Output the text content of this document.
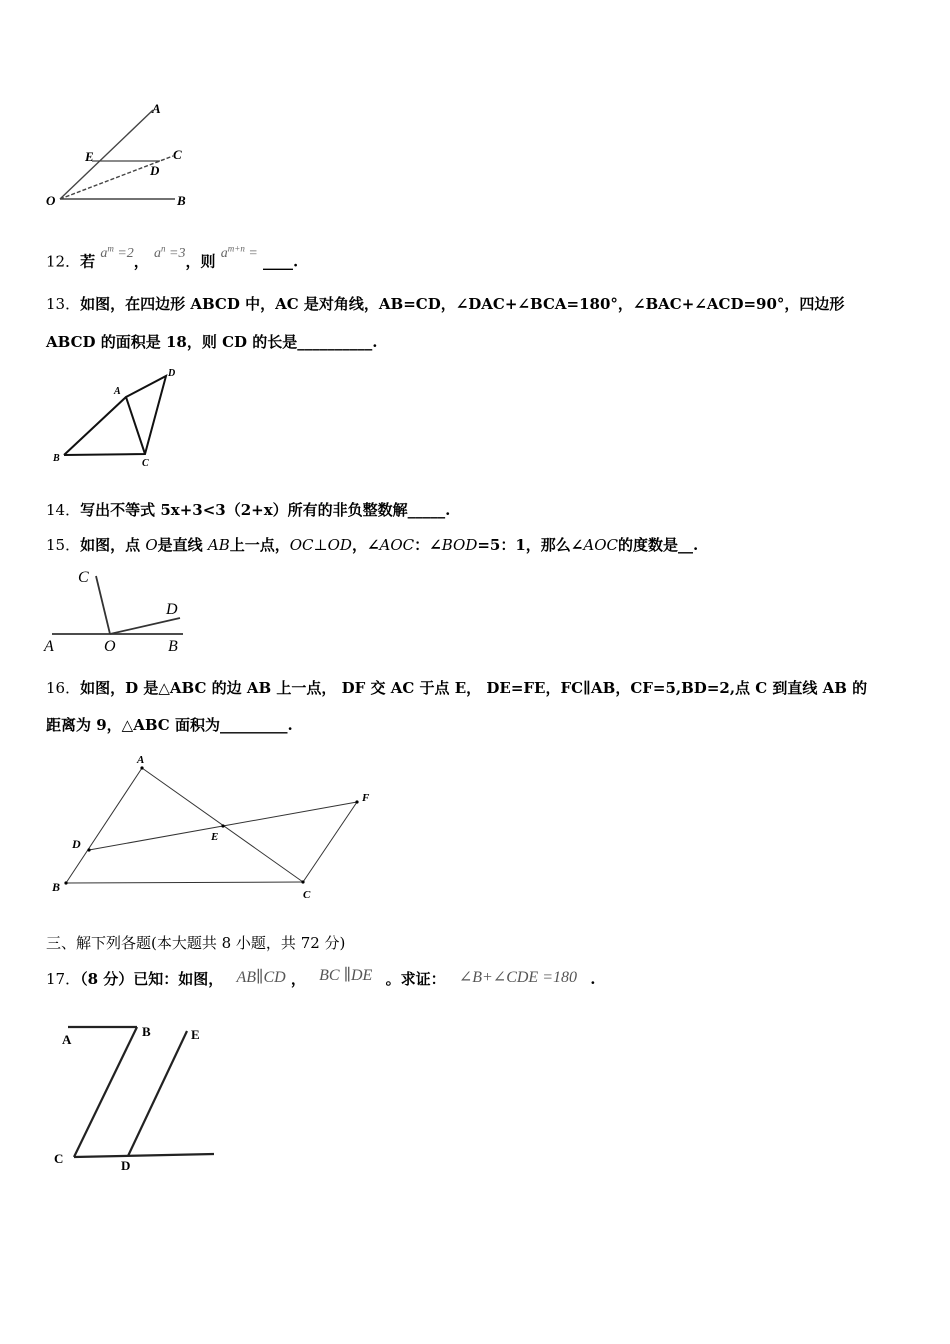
A
C
E
D
O	B
12．若 $a^m =2$， $a^n =3$，则 $a^{m+n}$ = ____.
13．如图，在四边形 ABCD 中，AC 是对角线，AB=CD，∠DAC+∠BCA=180°，∠BAC+∠ACD=90°，四边形
ABCD 的面积是 18，则 CD 的长是__________.
A
D
B	C
14．写出不等式 5x+3<3（2+x）所有的非负整数解_____.
15．如图，点 O是直线 AB上一点，OC⊥OD，∠AOC：∠BOD=5：1，那么∠AOC的度数是__.
C
D
A	O	B
16．如图，D 是△ABC 的边 AB 上一点， DF 交 AC 于点 E， DE=FE，FC∥AB，CF=5,BD=2,点 C 到直线 AB 的
距离为 9，△ABC 面积为_________.
A
F
D	E
B
C
三、解下列各题(本大题共 8 小题，共 72 分)
17．（8 分）已知：如图， AB∥CD ， BC ∥DE 。求证： ∠B+∠CDE =180 .
A
B	E
C	D
